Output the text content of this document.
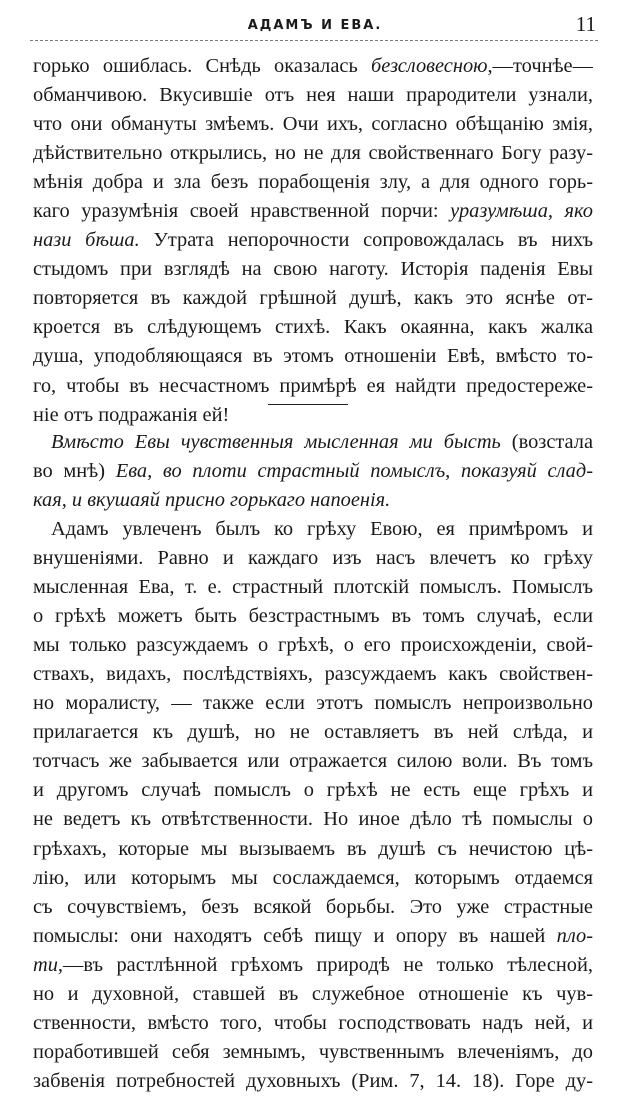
АДАМЪ И ЕВА.	11
горько ошиблась. Снѣдь оказалась безсловесною,—точнѣе—
обманчивою. Вкусившіе отъ нея наши прародители узнали,
что они обмануты змѣемъ. Очи ихъ, согласно обѣщанію змія,
дѣйствительно открылись, но не для свойственнаго Богу разу-
мѣнія добра и зла безъ порабощенія злу, а для одного горь-
каго уразумѣнія своей нравственной порчи: уразумѣша, яко
нази бѣша. Утрата непорочности сопровождалась въ нихъ
стыдомъ при взглядѣ на свою наготу. Исторія паденія Евы
повторяется въ каждой грѣшной душѣ, какъ это яснѣе от-
кроется въ слѣдующемъ стихѣ. Какъ окаянна, какъ жалка
душа, уподобляющаяся въ этомъ отношеніи Евѣ, вмѣсто то-
го, чтобы въ несчастномъ примѣрѣ ея найдти предостереже-
ніе отъ подражанія ей!
Вмѣсто Евы чувственныя мысленная ми бысть (возстала
во мнѣ) Ева, во плоти страстный помыслъ, показуяй слад-
кая, и вкушаяй присно горькаго напоенія.
Адамъ увлеченъ былъ ко грѣху Евою, ея примѣромъ и
внушеніями. Равно и каждаго изъ насъ влечетъ ко грѣху
мысленная Ева, т. е. страстный плотскій помыслъ. Помыслъ
о грѣхѣ можетъ быть безстрастнымъ въ томъ случаѣ, если
мы только разсуждаемъ о грѣхѣ, о его происхожденіи, свой-
ствахъ, видахъ, послѣдствіяхъ, разсуждаемъ какъ свойствен-
но моралисту, — также если этотъ помыслъ непроизвольно
прилагается къ душѣ, но не оставляетъ въ ней слѣда, и
тотчасъ же забывается или отражается силою воли. Въ томъ
и другомъ случаѣ помыслъ о грѣхѣ не есть еще грѣхъ и
не ведетъ къ отвѣтственности. Но иное дѣло тѣ помыслы о
грѣхахъ, которые мы вызываемъ въ душѣ съ нечистою цѣ-
лію, или которымъ мы сослаждаемся, которымъ отдаемся
съ сочувствіемъ, безъ всякой борьбы. Это уже страстные
помыслы: они находятъ себѣ пищу и опору въ нашей пло-
ти,—въ растлѣнной грѣхомъ природѣ не только тѣлесной,
но и духовной, ставшей въ служебное отношеніе къ чув-
ственности, вмѣсто того, чтобы господствовать надъ ней, и
поработившей себя земнымъ, чувственнымъ влеченіямъ, до
забвенія потребностей духовныхъ (Рим. 7, 14. 18). Горе ду-
